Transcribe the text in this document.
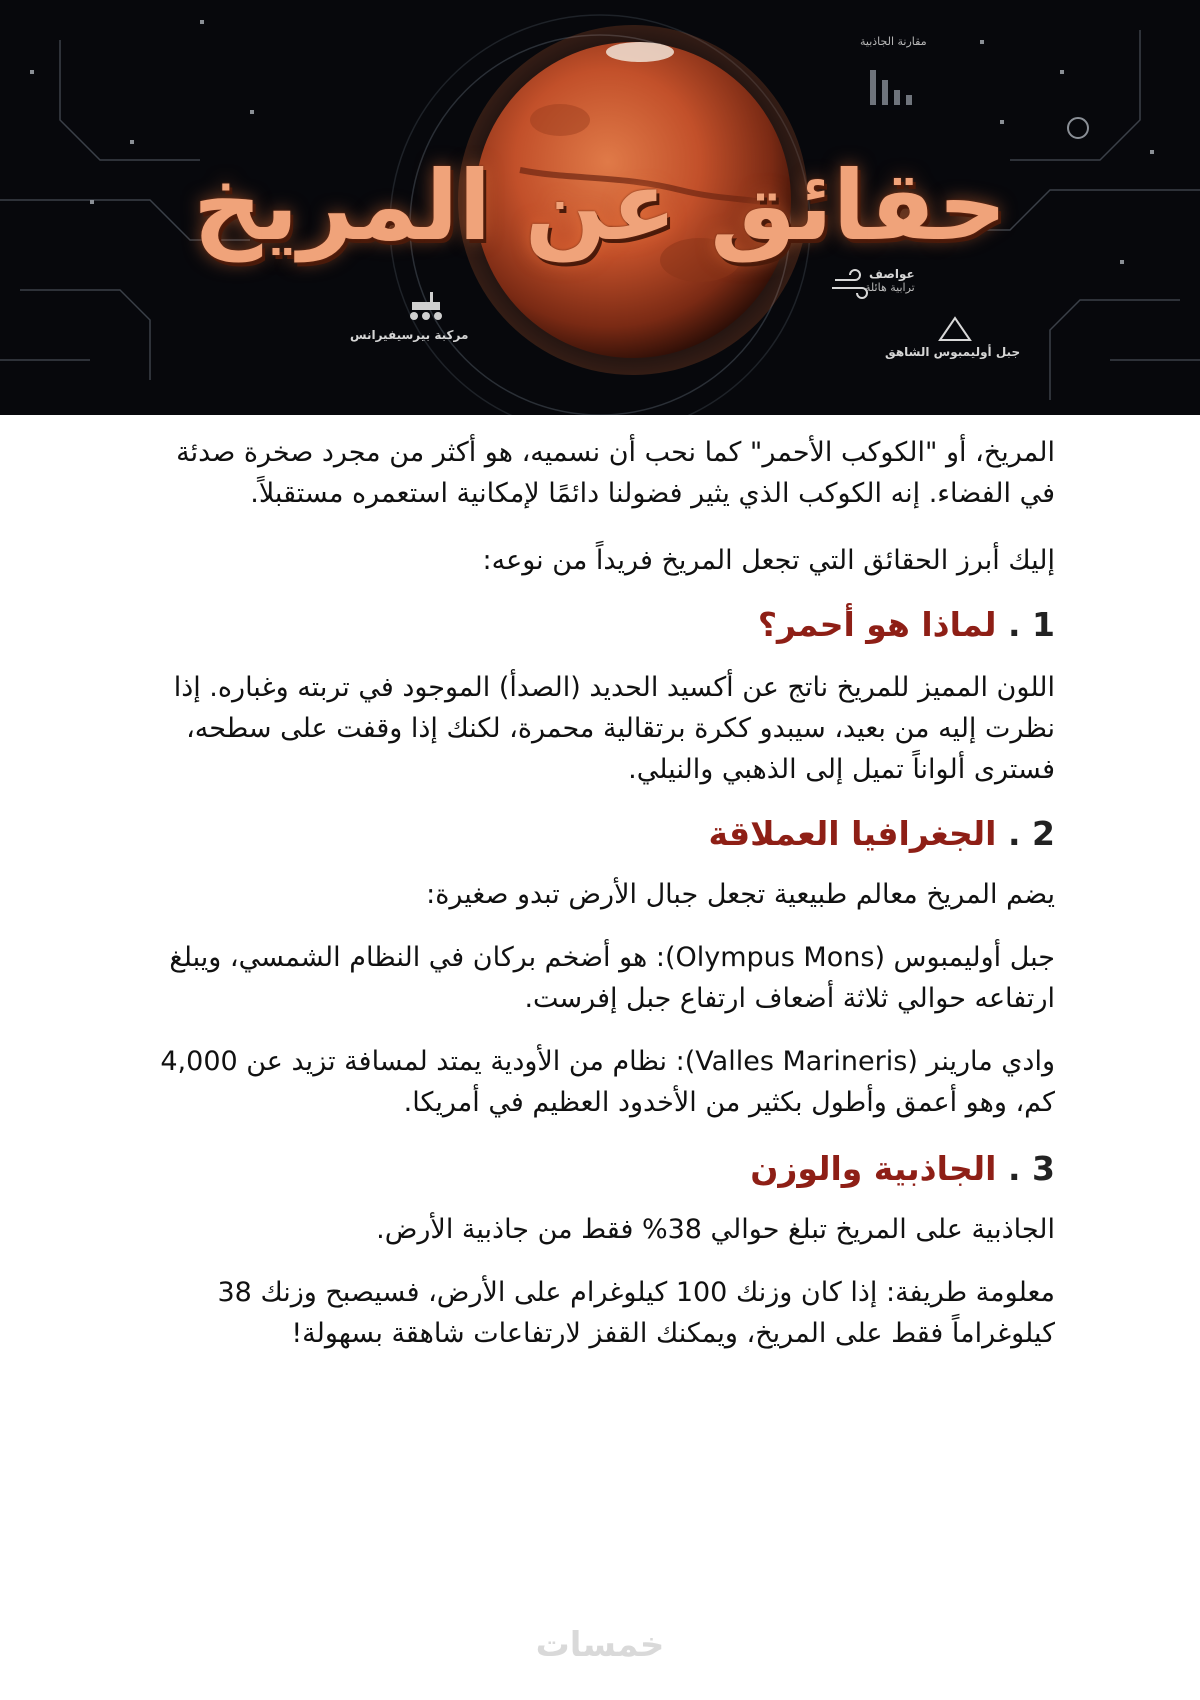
حقائق عن المريخ
جبل أوليمبوس الشاهق
عواصف
ترابية هائلة
مركبة بيرسيفيرانس
مقارنة الجاذبية

المريخ، أو "الكوكب الأحمر" كما نحب أن نسميه، هو أكثر من مجرد صخرة صدئة في الفضاء. إنه الكوكب الذي يثير فضولنا دائمًا لإمكانية استعمره مستقبلاً.

إليك أبرز الحقائق التي تجعل المريخ فريداً من نوعه:

1 . لماذا هو أحمر؟

اللون المميز للمريخ ناتج عن أكسيد الحديد (الصدأ) الموجود في تربته وغباره. إذا نظرت إليه من بعيد، سيبدو ككرة برتقالية محمرة، لكنك إذا وقفت على سطحه، فسترى ألواناً تميل إلى الذهبي والنيلي.

2 . الجغرافيا العملاقة

يضم المريخ معالم طبيعية تجعل جبال الأرض تبدو صغيرة:

جبل أوليمبوس (Olympus Mons): هو أضخم بركان في النظام الشمسي، ويبلغ ارتفاعه حوالي ثلاثة أضعاف ارتفاع جبل إفرست.

وادي مارينر (Valles Marineris): نظام من الأودية يمتد لمسافة تزيد عن 4,000 كم، وهو أعمق وأطول بكثير من الأخدود العظيم في أمريكا.

3 . الجاذبية والوزن

الجاذبية على المريخ تبلغ حوالي 38% فقط من جاذبية الأرض.

معلومة طريفة: إذا كان وزنك 100 كيلوغرام على الأرض، فسيصبح وزنك 38 كيلوغراماً فقط على المريخ، ويمكنك القفز لارتفاعات شاهقة بسهولة!

خمسات
